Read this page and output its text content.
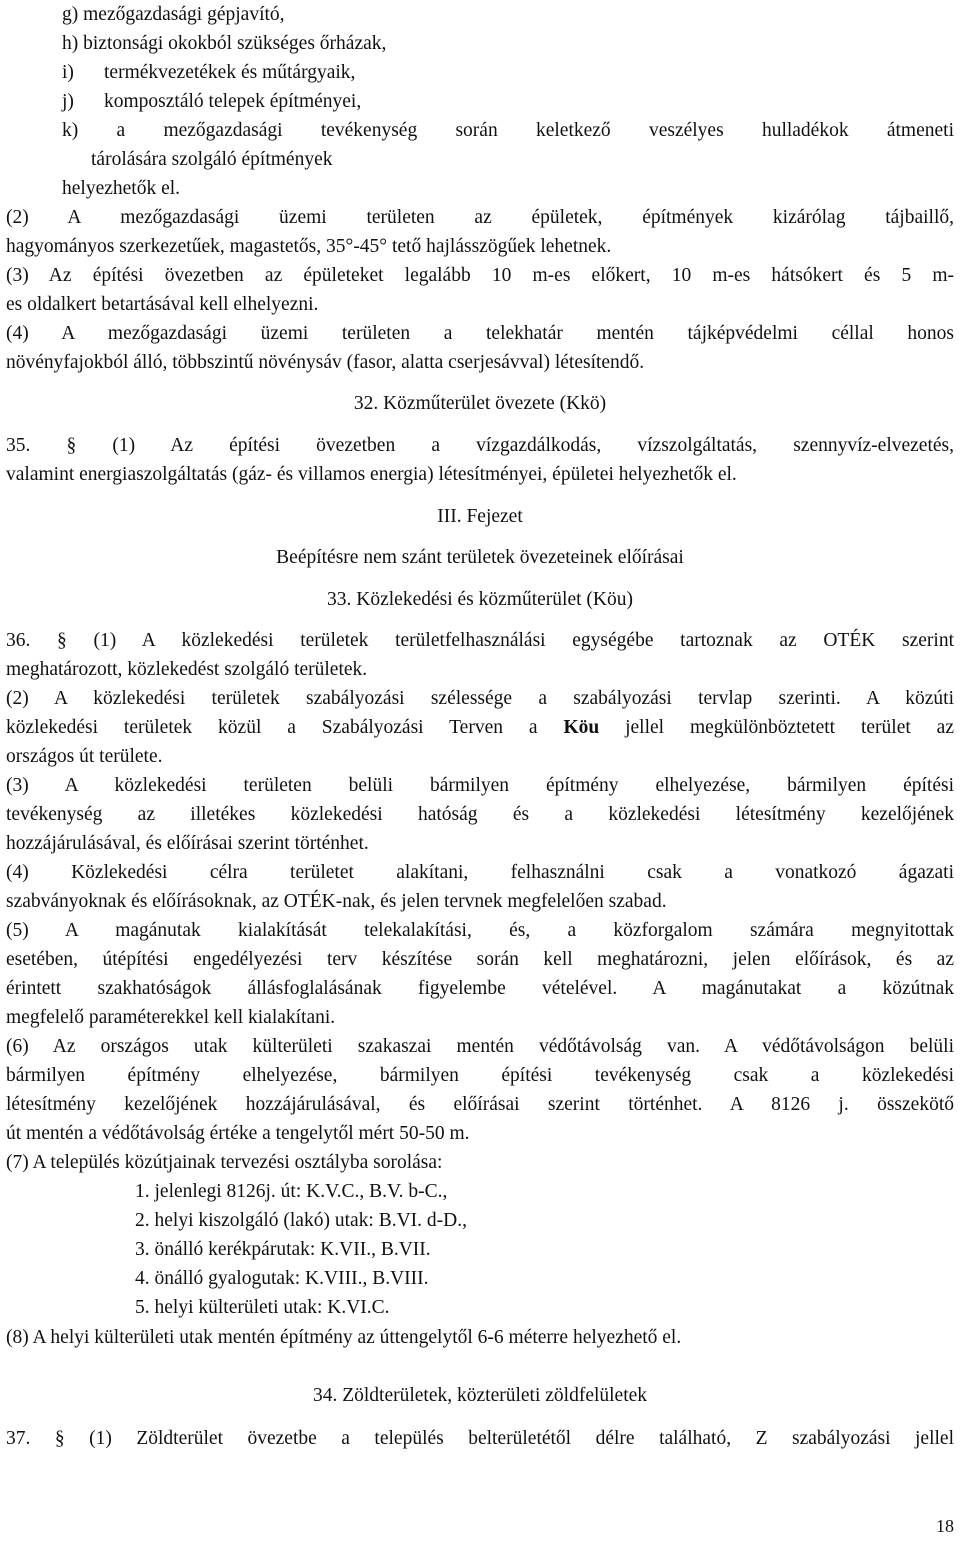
g) mezőgazdasági gépjavító,
h) biztonsági okokból szükséges őrházak,
i) termékvezetékek és műtárgyaik,
j) komposztáló telepek építményei,
k) a mezőgazdasági tevékenység során keletkező veszélyes hulladékok átmeneti
tárolására szolgáló építmények
helyezhetők el.
(2) A mezőgazdasági üzemi területen az épületek, építmények kizárólag tájbaillő,
hagyományos szerkezetűek, magastetős, 35°-45° tető hajlásszögűek lehetnek.
(3) Az építési övezetben az épületeket legalább 10 m-es előkert, 10 m-es hátsókert és 5 m-
es oldalkert betartásával kell elhelyezni.
(4) A mezőgazdasági üzemi területen a telekhatár mentén tájképvédelmi céllal honos
növényfajokból álló, többszintű növénysáv (fasor, alatta cserjesávval) létesítendő.
32. Közműterület övezete (Kkö)
35. § (1) Az építési övezetben a vízgazdálkodás, vízszolgáltatás, szennyvíz-elvezetés,
valamint energiaszolgáltatás (gáz- és villamos energia) létesítményei, épületei helyezhetők el.
III. Fejezet
Beépítésre nem szánt területek övezeteinek előírásai
33. Közlekedési és közműterület (Köu)
36. § (1) A közlekedési területek területfelhasználási egységébe tartoznak az OTÉK szerint
meghatározott, közlekedést szolgáló területek.
(2) A közlekedési területek szabályozási szélessége a szabályozási tervlap szerinti. A közúti
közlekedési területek közül a Szabályozási Terven a Köu jellel megkülönböztetett terület az
országos út területe.
(3) A közlekedési területen belüli bármilyen építmény elhelyezése, bármilyen építési
tevékenység az illetékes közlekedési hatóság és a közlekedési létesítmény kezelőjének
hozzájárulásával, és előírásai szerint történhet.
(4) Közlekedési célra területet alakítani, felhasználni csak a vonatkozó ágazati
szabványoknak és előírásoknak, az OTÉK-nak, és jelen tervnek megfelelően szabad.
(5) A magánutak kialakítását telekalakítási, és, a közforgalom számára megnyitottak
esetében, útépítési engedélyezési terv készítése során kell meghatározni, jelen előírások, és az
érintett szakhatóságok állásfoglalásának figyelembe vételével. A magánutakat a közútnak
megfelelő paraméterekkel kell kialakítani.
(6) Az országos utak külterületi szakaszai mentén védőtávolság van. A védőtávolságon belüli
bármilyen építmény elhelyezése, bármilyen építési tevékenység csak a közlekedési
létesítmény kezelőjének hozzájárulásával, és előírásai szerint történhet. A 8126 j. összekötő
út mentén a védőtávolság értéke a tengelytől mért 50-50 m.
(7) A település közútjainak tervezési osztályba sorolása:
1. jelenlegi 8126j. út: K.V.C., B.V. b-C.,
2. helyi kiszolgáló (lakó) utak: B.VI. d-D.,
3. önálló kerékpárutak: K.VII., B.VII.
4. önálló gyalogutak: K.VIII., B.VIII.
5. helyi külterületi utak: K.VI.C.
(8) A helyi külterületi utak mentén építmény az úttengelytől 6-6 méterre helyezhető el.
34. Zöldterületek, közterületi zöldfelületek
37. § (1) Zöldterület övezetbe a település belterületétől délre található, Z szabályozási jellel
18
